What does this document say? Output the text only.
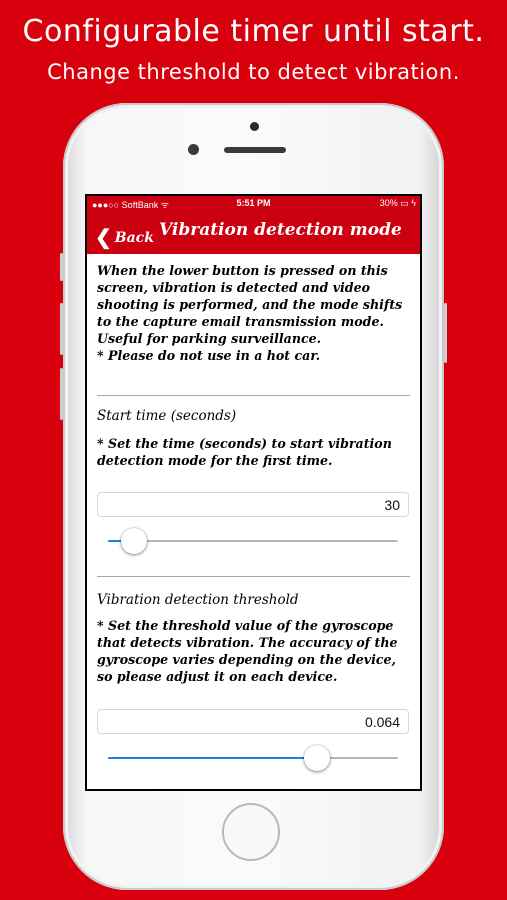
Configurable timer until start.
Change threshold to detect vibration.
●●●○○ SoftBank ᯤ	5:51 PM	30% ▭ ϟ
❮ Back Vibration detection mode

When the lower button is pressed on this screen, vibration is detected and video shooting is performed, and the mode shifts to the capture email transmission mode. Useful for parking surveillance.

* Please do not use in a hot car.

Start time (seconds)
* Set the time (seconds) to start vibration detection mode for the first time.
30
Vibration detection threshold
* Set the threshold value of the gyroscope that detects vibration. The accuracy of the gyroscope varies depending on the device, so please adjust it on each device.
0.064
